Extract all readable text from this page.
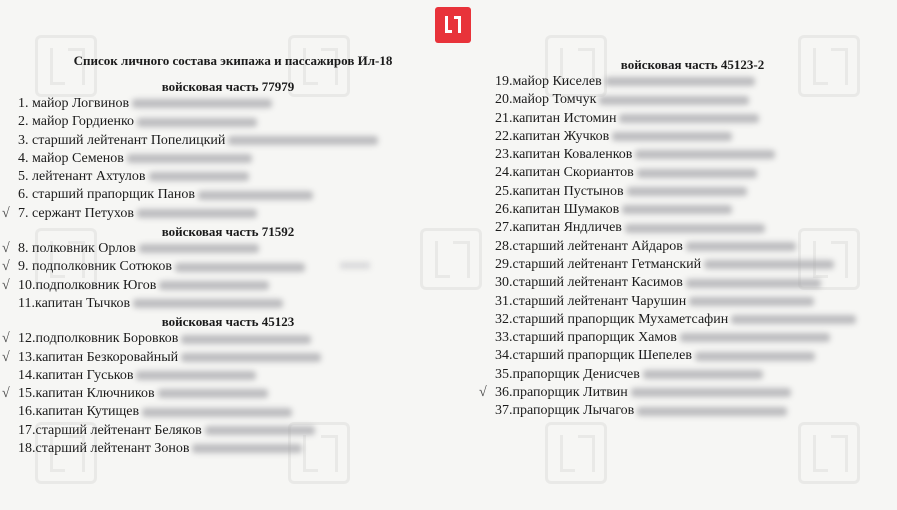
Список личного состава экипажа и пассажиров Ил-18
войсковая часть 77979
1. майор Логвинов
2. майор Гордиенко
3. старший лейтенант Попелицкий
4. майор Семенов
5. лейтенант Ахтулов
6. старший прапорщик Панов
√ 7. сержант Петухов
войсковая часть 71592
√ 8. полковник Орлов
√ 9. подполковник Сотюков
√ 10.подполковник Югов
11.капитан Тычков
войсковая часть 45123
√ 12.подполковник Боровков
√ 13.капитан Безкоровайный
14.капитан Гуськов
√ 15.капитан Ключников
16.капитан Кутищев
17.старший лейтенант Беляков
18.старший лейтенант Зонов
войсковая часть 45123-2
19.майор Киселев
20.майор Томчук
21.капитан Истомин
22.капитан Жучков
23.капитан Коваленков
24.капитан Скориантов
25.капитан Пустынов
26.капитан Шумаков
27.капитан Яндличев
28.старший лейтенант Айдаров
29.старший лейтенант Гетманский
30.старший лейтенант Касимов
31.старший лейтенант Чарушин
32.старший прапорщик Мухаметсафин
33.старший прапорщик Хамов
34.старший прапорщик Шепелев
35.прапорщик Денисчев
√ 36.прапорщик Литвин
37.прапорщик Лычагов
